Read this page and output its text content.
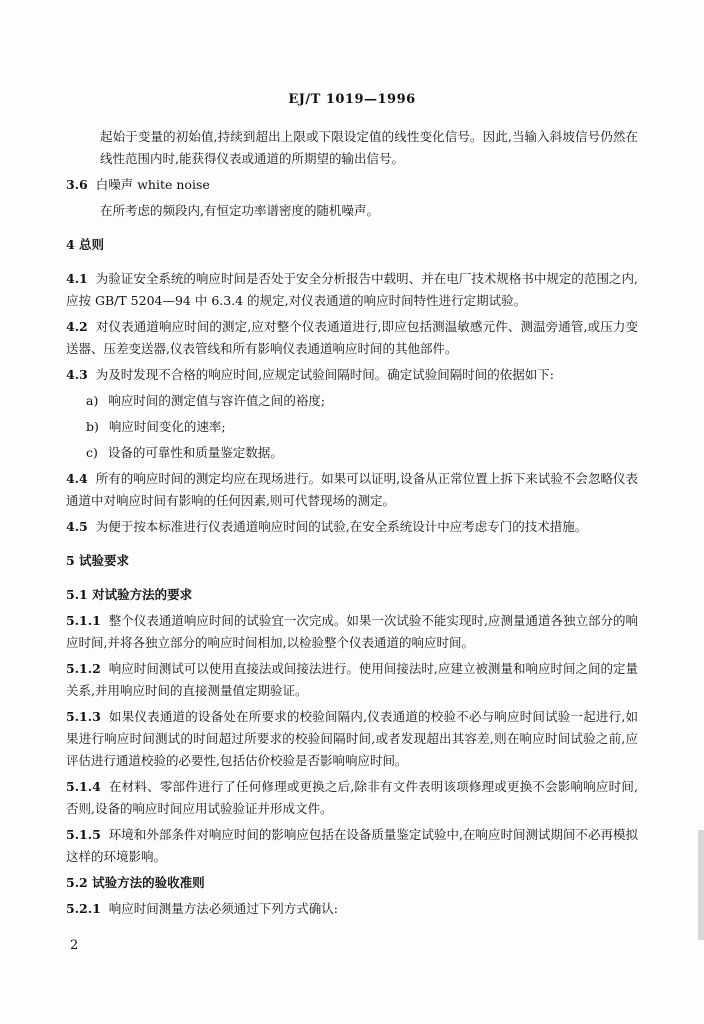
EJ/T 1019—1996

起始于变量的初始值,持续到超出上限或下限设定值的线性变化信号。因此,当输入斜坡信号仍然在线性范围内时,能获得仪表或通道的所期望的输出信号。

3.6 白噪声 white noise

在所考虑的频段内,有恒定功率谱密度的随机噪声。

4 总则

4.1 为验证安全系统的响应时间是否处于安全分析报告中载明、并在电厂技术规格书中规定的范围之内,应按 GB/T 5204—94 中 6.3.4 的规定,对仪表通道的响应时间特性进行定期试验。

4.2 对仪表通道响应时间的测定,应对整个仪表通道进行,即应包括测温敏感元件、测温旁通管,或压力变送器、压差变送器,仪表管线和所有影响仪表通道响应时间的其他部件。

4.3 为及时发现不合格的响应时间,应规定试验间隔时间。确定试验间隔时间的依据如下:

a) 响应时间的测定值与容许值之间的裕度;

b) 响应时间变化的速率;

c) 设备的可靠性和质量鉴定数据。

4.4 所有的响应时间的测定均应在现场进行。如果可以证明,设备从正常位置上拆下来试验不会忽略仪表通道中对响应时间有影响的任何因素,则可代替现场的测定。

4.5 为便于按本标准进行仪表通道响应时间的试验,在安全系统设计中应考虑专门的技术措施。

5 试验要求

5.1 对试验方法的要求

5.1.1 整个仪表通道响应时间的试验宜一次完成。如果一次试验不能实现时,应测量通道各独立部分的响应时间,并将各独立部分的响应时间相加,以检验整个仪表通道的响应时间。

5.1.2 响应时间测试可以使用直接法或间接法进行。使用间接法时,应建立被测量和响应时间之间的定量关系,并用响应时间的直接测量值定期验证。

5.1.3 如果仪表通道的设备处在所要求的校验间隔内,仪表通道的校验不必与响应时间试验一起进行,如果进行响应时间测试的时间超过所要求的校验间隔时间,或者发现超出其容差,则在响应时间试验之前,应评估进行通道校验的必要性,包括估价校验是否影响响应时间。

5.1.4 在材料、零部件进行了任何修理或更换之后,除非有文件表明该项修理或更换不会影响响应时间,否则,设备的响应时间应用试验验证并形成文件。

5.1.5 环境和外部条件对响应时间的影响应包括在设备质量鉴定试验中,在响应时间测试期间不必再模拟这样的环境影响。

5.2 试验方法的验收准则

5.2.1 响应时间测量方法必须通过下列方式确认:

2
